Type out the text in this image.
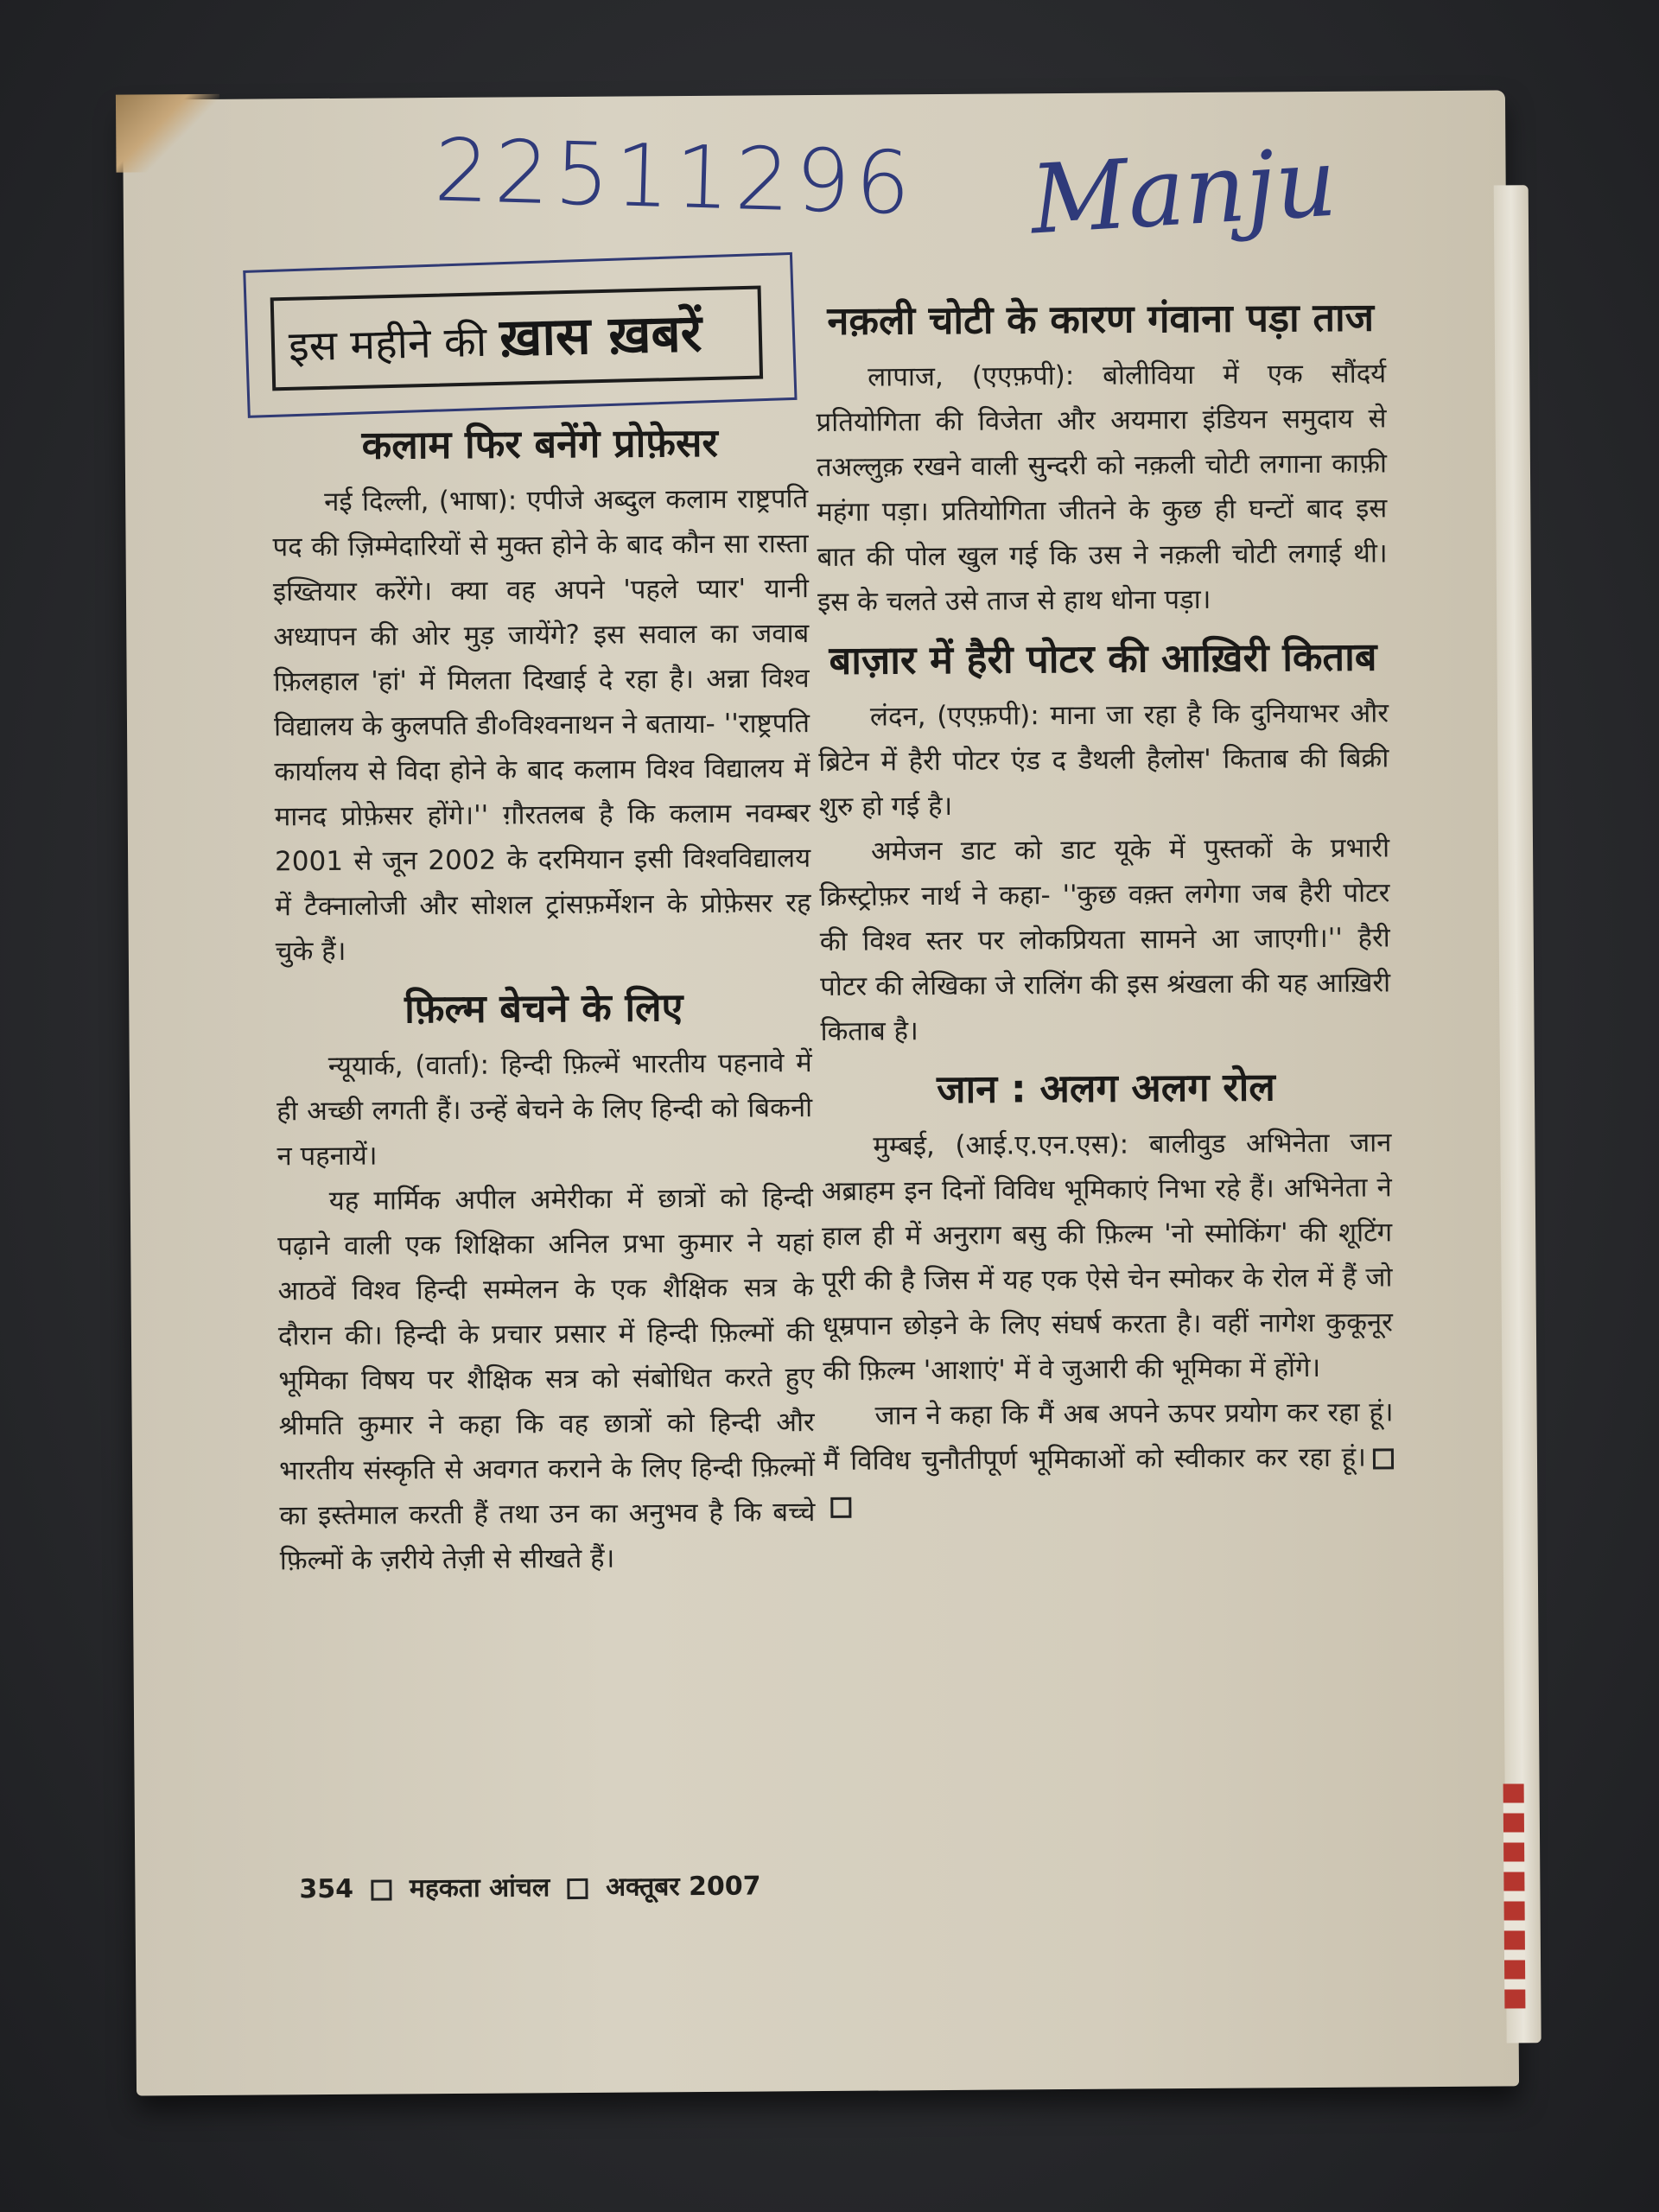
22511296 Manju
इस महीने की ख़ास ख़बरें
कलाम फिर बनेंगे प्रोफ़ेसर

नई दिल्ली, (भाषा): एपीजे अब्दुल कलाम राष्ट्रपति पद की ज़िम्मेदारियों से मुक्त होने के बाद कौन सा रास्ता इख्तियार करेंगे। क्या वह अपने 'पहले प्यार' यानी अध्यापन की ओर मुड़ जायेंगे? इस सवाल का जवाब फ़िलहाल 'हां' में मिलता दिखाई दे रहा है। अन्ना विश्व विद्यालय के कुलपति डी०विश्वनाथन ने बताया- ''राष्ट्रपति कार्यालय से विदा होने के बाद कलाम विश्व विद्यालय में मानद प्रोफ़ेसर होंगे।'' ग़ौरतलब है कि कलाम नवम्बर 2001 से जून 2002 के दरमियान इसी विश्वविद्यालय में टैक्नालोजी और सोशल ट्रांसफ़र्मेशन के प्रोफ़ेसर रह चुके हैं।

फ़िल्म बेचने के लिए

न्यूयार्क, (वार्ता): हिन्दी फ़िल्में भारतीय पहनावे में ही अच्छी लगती हैं। उन्हें बेचने के लिए हिन्दी को बिकनी न पहनायें।

यह मार्मिक अपील अमेरीका में छात्रों को हिन्दी पढ़ाने वाली एक शिक्षिका अनिल प्रभा कुमार ने यहां आठवें विश्व हिन्दी सम्मेलन के एक शैक्षिक सत्र के दौरान की। हिन्दी के प्रचार प्रसार में हिन्दी फ़िल्मों की भूमिका विषय पर शैक्षिक सत्र को संबोधित करते हुए श्रीमति कुमार ने कहा कि वह छात्रों को हिन्दी और भारतीय संस्कृति से अवगत कराने के लिए हिन्दी फ़िल्मों का इस्तेमाल करती हैं तथा उन का अनुभव है कि बच्चे फ़िल्मों के ज़रीये तेज़ी से सीखते हैं।

नक़ली चोटी के कारण गंवाना पड़ा ताज

लापाज, (एएफ़पी): बोलीविया में एक सौंदर्य प्रतियोगिता की विजेता और अयमारा इंडियन समुदाय से तअल्लुक़ रखने वाली सुन्दरी को नक़ली चोटी लगाना काफ़ी महंगा पड़ा। प्रतियोगिता जीतने के कुछ ही घन्टों बाद इस बात की पोल खुल गई कि उस ने नक़ली चोटी लगाई थी। इस के चलते उसे ताज से हाथ धोना पड़ा।

बाज़ार में हैरी पोटर की आख़िरी किताब

लंदन, (एएफ़पी): माना जा रहा है कि दुनियाभर और ब्रिटेन में हैरी पोटर एंड द डैथली हैलोस' किताब की बिक्री शुरु हो गई है।

अमेजन डाट को डाट यूके में पुस्तकों के प्रभारी क्रिस्ट्रोफ़र नार्थ ने कहा- ''कुछ वक़्त लगेगा जब हैरी पोटर की विश्व स्तर पर लोकप्रियता सामने आ जाएगी।'' हैरी पोटर की लेखिका जे रालिंग की इस श्रंखला की यह आख़िरी किताब है।

जान : अलग अलग रोल

मुम्बई, (आई.ए.एन.एस): बालीवुड अभिनेता जान अब्राहम इन दिनों विविध भूमिकाएं निभा रहे हैं। अभिनेता ने हाल ही में अनुराग बसु की फ़िल्म 'नो स्मोकिंग' की शूटिंग पूरी की है जिस में यह एक ऐसे चेन स्मोकर के रोल में हैं जो धूम्रपान छोड़ने के लिए संघर्ष करता है। वहीं नागेश कुकूनूर की फ़िल्म 'आशाएं' में वे जुआरी की भूमिका में होंगे।

जान ने कहा कि मैं अब अपने ऊपर प्रयोग कर रहा हूं। मैं विविध चुनौतीपूर्ण भूमिकाओं को स्वीकार कर रहा हूं।

354 महकता आंचल अक्तूबर 2007
